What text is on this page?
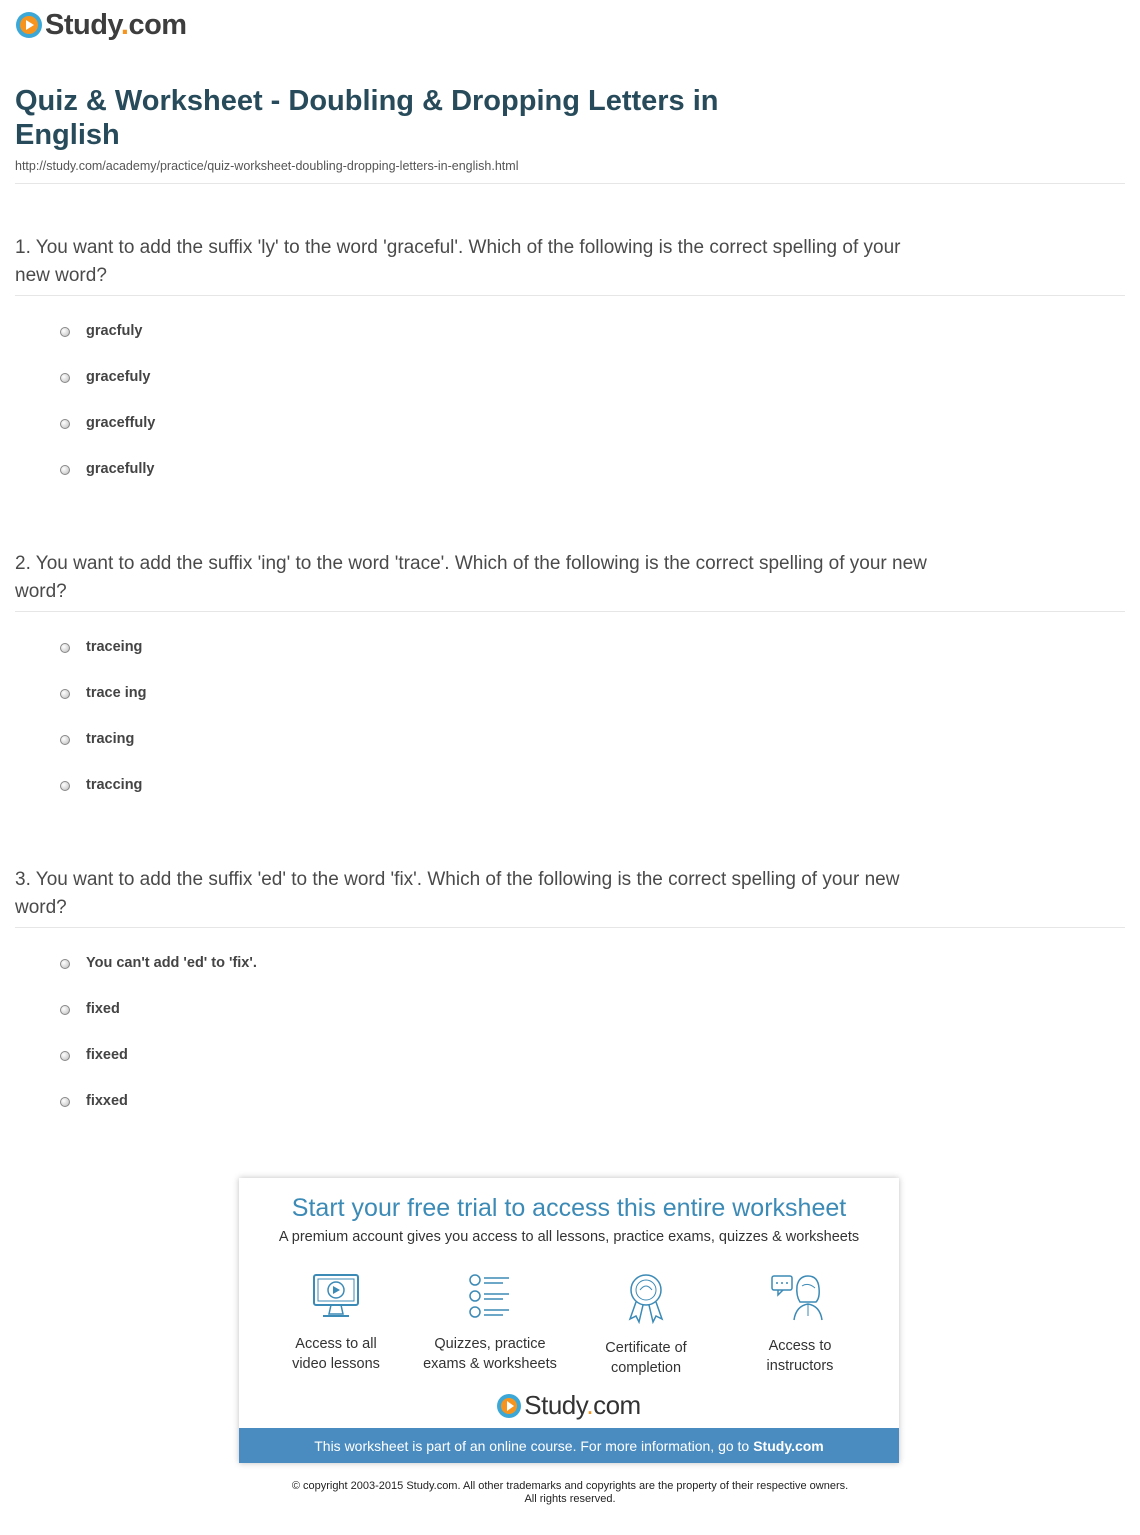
Study.com
Quiz & Worksheet - Doubling & Dropping Letters in
English
http://study.com/academy/practice/quiz-worksheet-doubling-dropping-letters-in-english.html
1. You want to add the suffix 'ly' to the word 'graceful'. Which of the following is the correct spelling of your new word?
gracfuly
gracefuly
graceffuly
gracefully
2. You want to add the suffix 'ing' to the word 'trace'. Which of the following is the correct spelling of your new word?
traceing
trace ing
tracing
traccing
3. You want to add the suffix 'ed' to the word 'fix'. Which of the following is the correct spelling of your new word?
You can't add 'ed' to 'fix'.
fixed
fixeed
fixxed
Start your free trial to access this entire worksheet
A premium account gives you access to all lessons, practice exams, quizzes & worksheets
Access to all
video lessons
Quizzes, practice
exams & worksheets
Certificate of
completion
Access to
instructors
Study.com
This worksheet is part of an online course. For more information, go to Study.com
© copyright 2003-2015 Study.com. All other trademarks and copyrights are the property of their respective owners.
All rights reserved.
